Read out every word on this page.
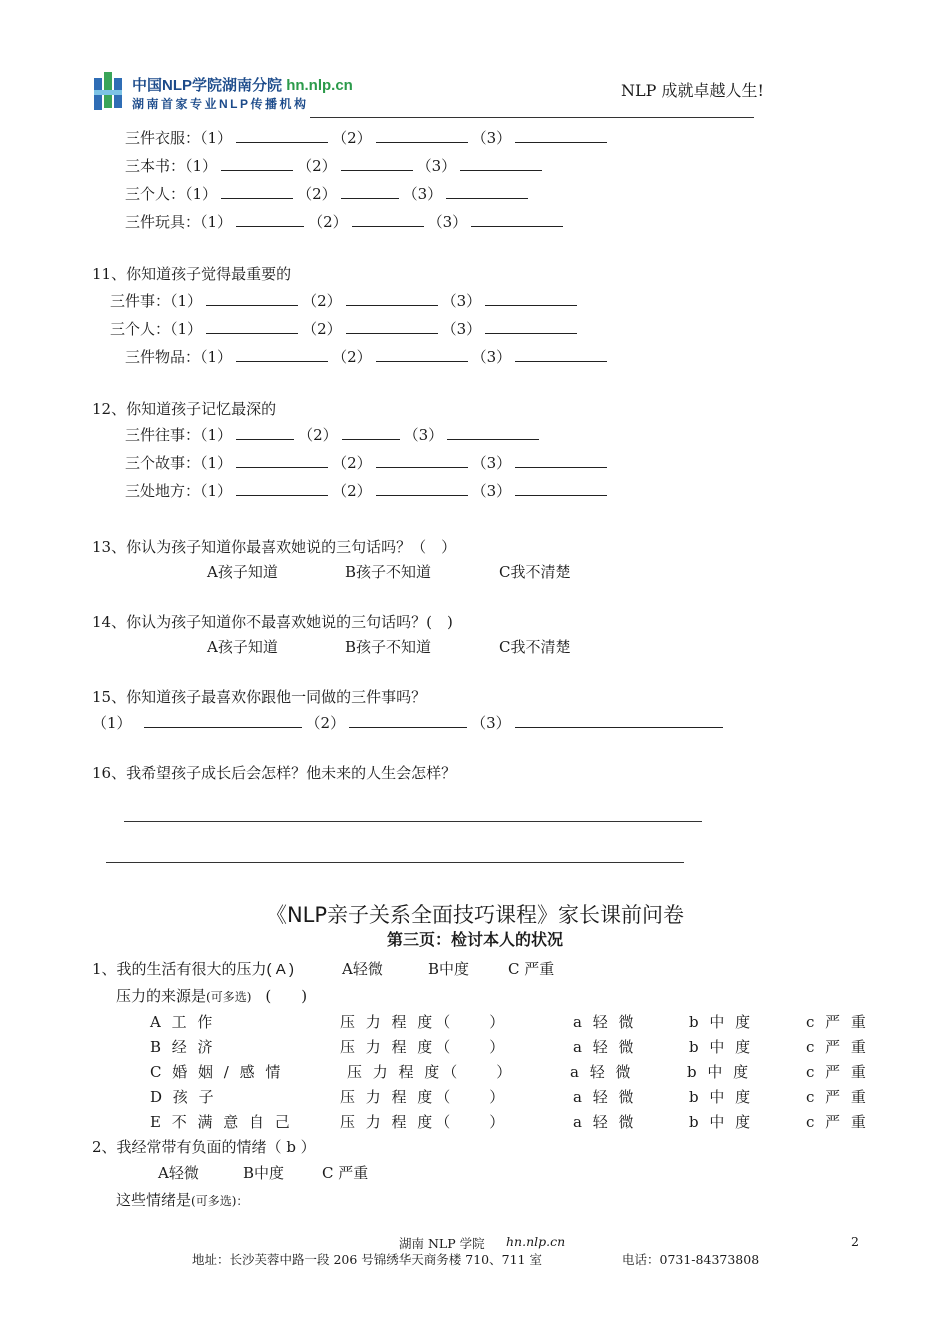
中国NLP学院湖南分院 hn.nlp.cn
湖南首家专业NLP传播机构
NLP 成就卓越人生!
三件衣服：（1）	（2）	（3）
三本书：（1）	（2）	（3）
三个人：（1）	（2）	（3）
三件玩具：（1）	（2）	（3）
11、你知道孩子觉得最重要的
三件事：（1）	（2）	（3）
三个人：（1）	（2）	（3）
三件物品：（1）	（2）	（3）
12、你知道孩子记忆最深的
三件往事：（1）	（2）	（3）
三个故事：（1）	（2）	（3）
三处地方：（1）	（2）	（3）
13、你认为孩子知道你最喜欢她说的三句话吗？（　）
A孩子知道	B孩子不知道	C我不清楚
14、你认为孩子知道你不最喜欢她说的三句话吗？(　)
A孩子知道	B孩子不知道	C我不清楚
15、你知道孩子最喜欢你跟他一同做的三件事吗？
（1）	（2）	（3）
16、我希望孩子成长后会怎样？他未来的人生会怎样？
《NLP亲子关系全面技巧课程》家长课前问卷
第三页：检讨本人的状况
1、我的生活有很大的压力( A )	A轻微	B中度	C 严重
压力的来源是(可多选) (　　)
A 工 作	压 力 程 度（　　）	a 轻 微	b 中 度	c 严 重
B 经 济	压 力 程 度（　　）	a 轻 微	b 中 度	c 严 重
C 婚 姻 / 感 情	压 力 程 度（　　）	a 轻 微	b 中 度	c 严 重
D 孩 子	压 力 程 度（　　）	a 轻 微	b 中 度	c 严 重
E 不 满 意 自 己	压 力 程 度（　　）	a 轻 微	b 中 度	c 严 重
2、我经常带有负面的情绪（ b ）
A轻微	B中度	C 严重
这些情绪是(可多选)：
湖南 NLP 学院 hn.nlp.cn	2
地址：长沙芙蓉中路一段 206 号锦绣华天商务楼 710、711 室	电话：0731-84373808
